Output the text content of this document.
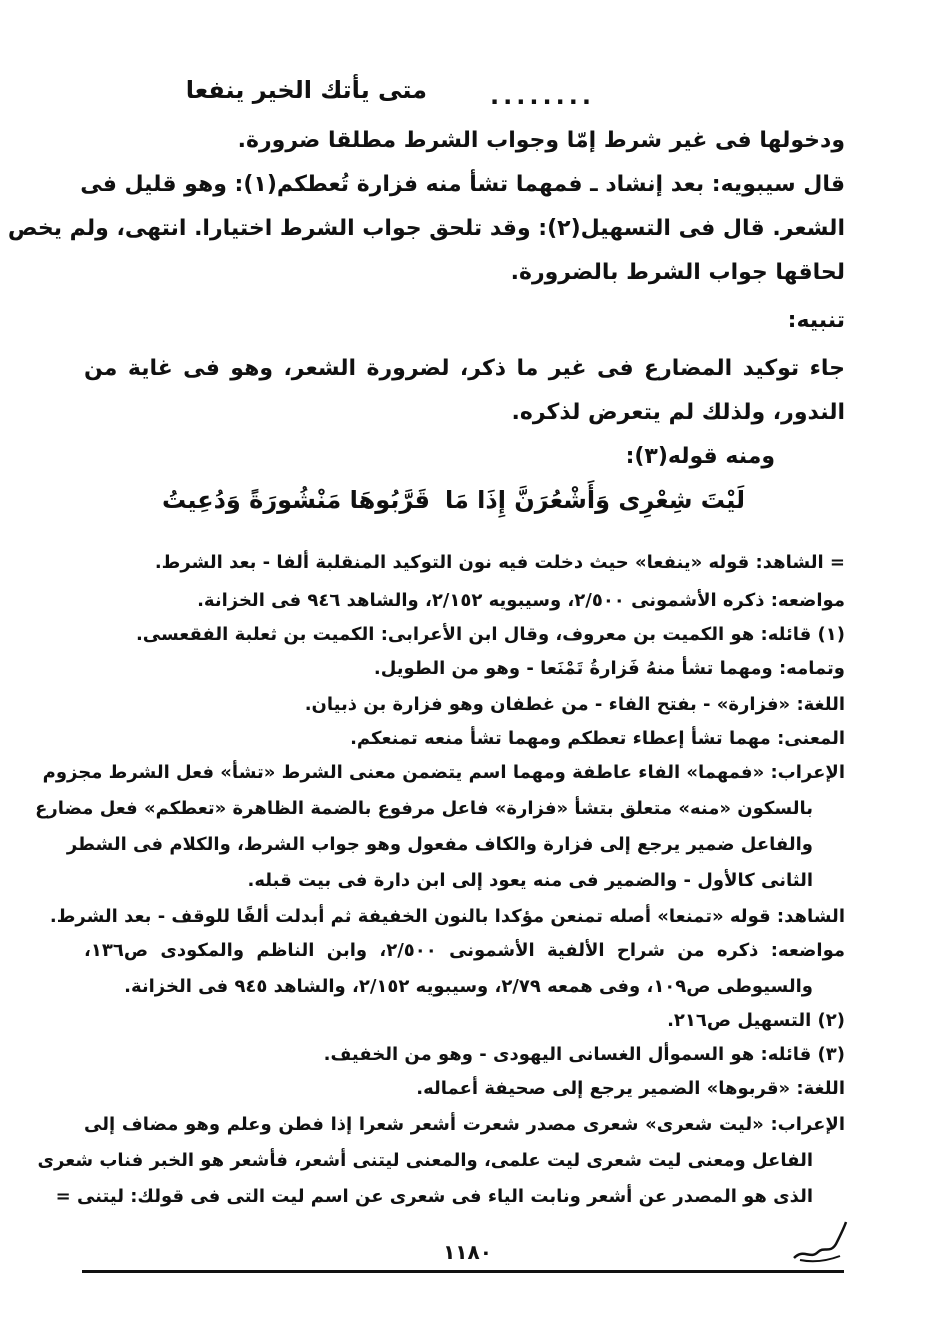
متى يأتك الخير ينفعا	........
ودخولها فى غير شرط إمّا وجواب الشرط مطلقا ضرورة.
قال سيبويه: بعد إنشاد ـ فمهما تشأ منه فزارة تُعطكم(١): وهو قليل فى
الشعر. قال فى التسهيل(٢): وقد تلحق جواب الشرط اختيارا. انتهى، ولم يخص
لحاقها جواب الشرط بالضرورة.
تنبيه:
جاء توكيد المضارع فى غير ما ذكر، لضرورة الشعر، وهو فى غاية من
الندور، ولذلك لم يتعرض لذكره.
ومنه قوله(٣):
لَيْتَ شِعْرِى وَأَشْعُرَنَّ إِذَا مَا
قَرَّبُوهَا مَنْشُورَةً وَدُعِيتُ
= الشاهد: قوله «ينفعا» حيث دخلت فيه نون التوكيد المنقلبة ألفا - بعد الشرط.
مواضعه: ذكره الأشمونى ٢/٥٠٠، وسيبويه ٢/١٥٢، والشاهد ٩٤٦ فى الخزانة.
(١) قائله: هو الكميت بن معروف، وقال ابن الأعرابى: الكميت بن ثعلبة الفقعسى.
وتمامه: ومهما تشأ منهُ فَزارةُ تَمْنَعا - وهو من الطويل.
اللغة: «فزارة» - بفتح الفاء - من غطفان وهو فزارة بن ذبيان.
المعنى: مهما تشأ إعطاء تعطكم ومهما تشأ منعه تمنعكم.
الإعراب: «فمهما» الفاء عاطفة ومهما اسم يتضمن معنى الشرط «تشأ» فعل الشرط مجزوم
بالسكون «منه» متعلق بتشأ «فزارة» فاعل مرفوع بالضمة الظاهرة «تعطكم» فعل مضارع
والفاعل ضمير يرجع إلى فزارة والكاف مفعول وهو جواب الشرط، والكلام فى الشطر
الثانى كالأول - والضمير فى منه يعود إلى ابن دارة فى بيت قبله.
الشاهد: قوله «تمنعا» أصله تمنعن مؤكدا بالنون الخفيفة ثم أبدلت ألفًا للوقف - بعد الشرط.
مواضعه: ذكره من شراح الألفية الأشمونى ٢/٥٠٠، وابن الناظم والمكودى ص١٣٦،
والسيوطى ص١٠٩، وفى همعه ٢/٧٩، وسيبويه ٢/١٥٢، والشاهد ٩٤٥ فى الخزانة.
(٢) التسهيل ص٢١٦.
(٣) قائله: هو السموأل الغسانى اليهودى - وهو من الخفيف.
اللغة: «قربوها» الضمير يرجع إلى صحيفة أعماله.
الإعراب: «ليت شعرى» شعرى مصدر شعرت أشعر شعرا إذا فطن وعلم وهو مضاف إلى
الفاعل ومعنى ليت شعرى ليت علمى، والمعنى ليتنى أشعر، فأشعر هو الخبر فناب شعرى
الذى هو المصدر عن أشعر ونابت الياء فى شعرى عن اسم ليت التى فى قولك: ليتنى =
١١٨٠
